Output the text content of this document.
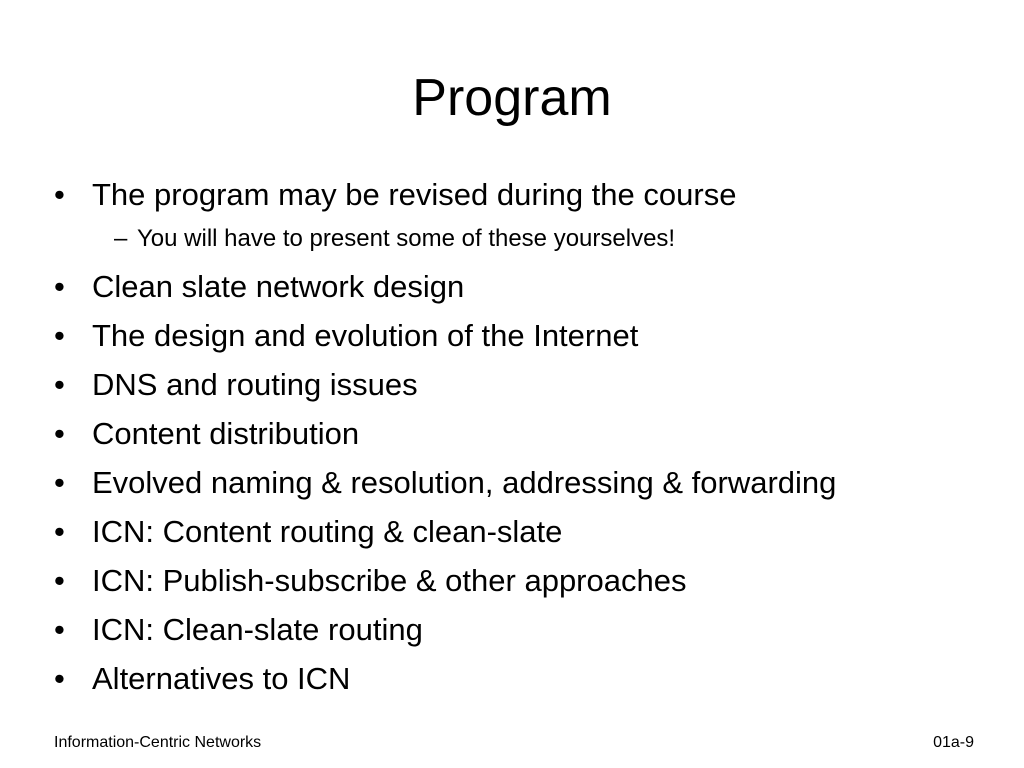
Program
• The program may be revised during the course
– You will have to present some of these yourselves!
• Clean slate network design
• The design and evolution of the Internet
• DNS and routing issues
• Content distribution
• Evolved naming & resolution, addressing & forwarding
• ICN: Content routing & clean-slate
• ICN: Publish-subscribe & other approaches
• ICN: Clean-slate routing
• Alternatives to ICN
Information-Centric Networks	01a-9
